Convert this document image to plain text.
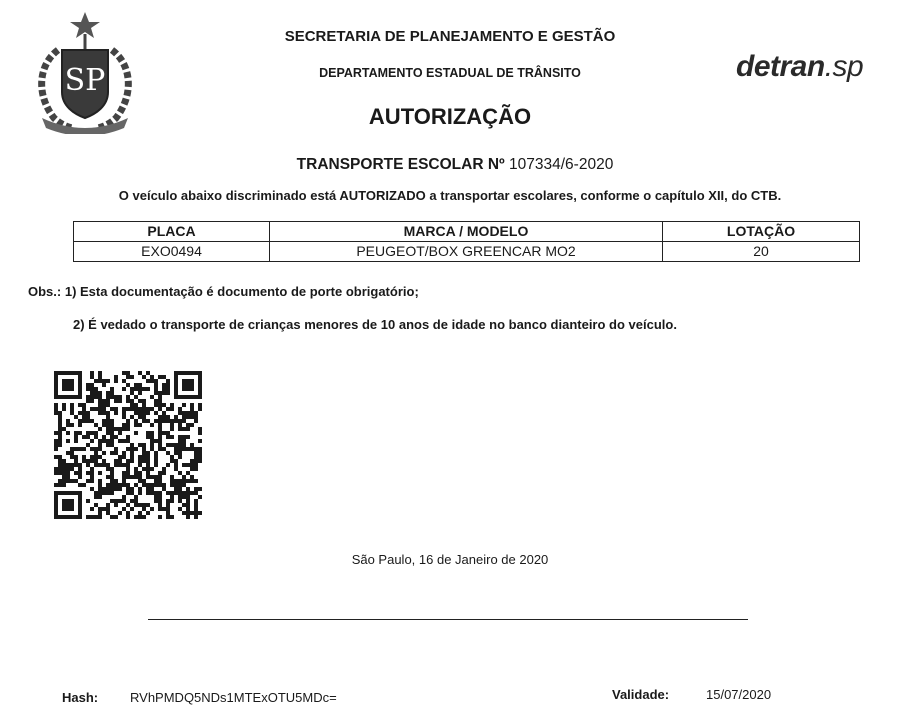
SP
SECRETARIA DE PLANEJAMENTO E GESTÃO
DEPARTAMENTO ESTADUAL DE TRÂNSITO
AUTORIZAÇÃO
detran.sp
TRANSPORTE ESCOLAR Nº 107334/6-2020
O veículo abaixo discriminado está AUTORIZADO a transportar escolares, conforme o capítulo XII, do CTB.
PLACA	MARCA / MODELO	LOTAÇÃO
EXO0494	PEUGEOT/BOX GREENCAR MO2	20
Obs.: 1) Esta documentação é documento de porte obrigatório;
2) É vedado o transporte de crianças menores de 10 anos de idade no banco dianteiro do veículo.
São Paulo, 16 de Janeiro de 2020
Hash: RVhPMDQ5NDs1MTExOTU5MDc=	Validade:	15/07/2020
